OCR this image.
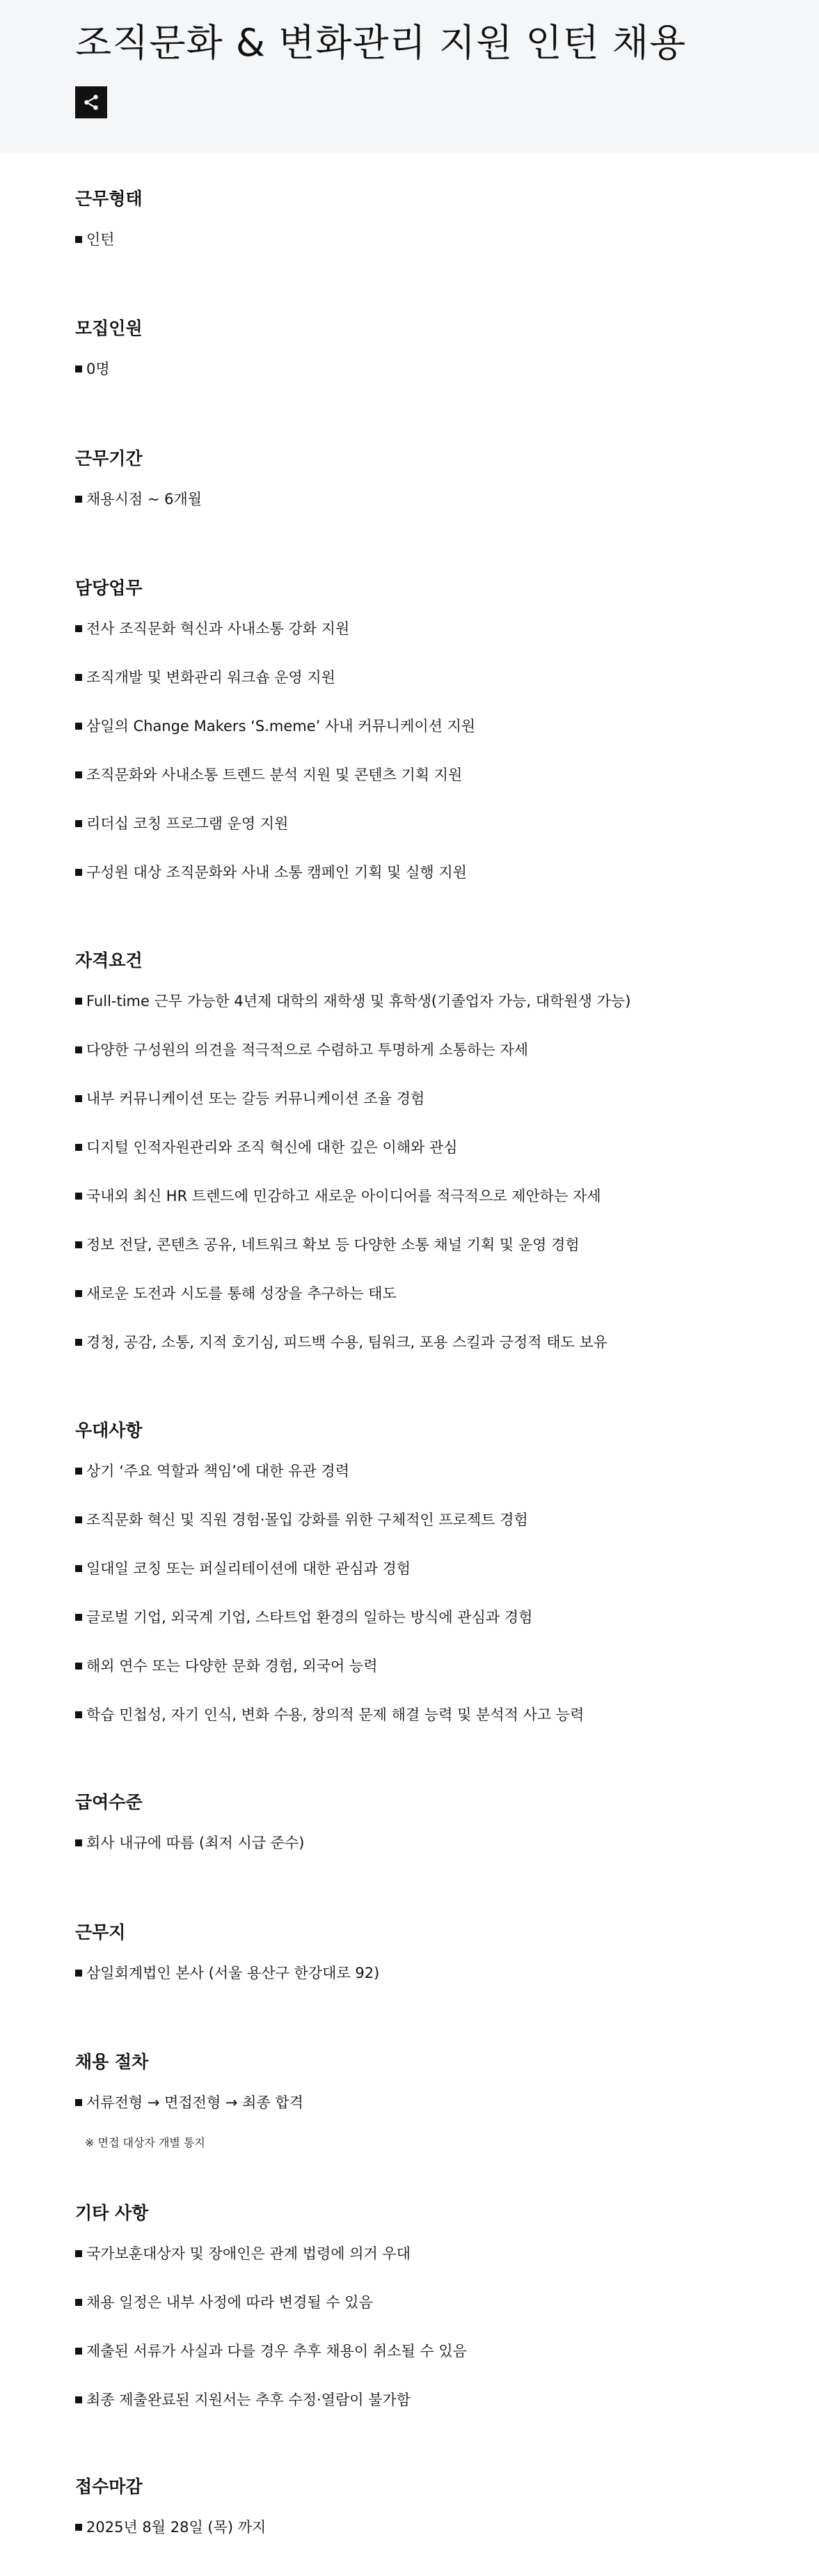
조직문화 & 변화관리 지원 인턴 채용
근무형태
인턴
모집인원
0명
근무기간
채용시점 ~ 6개월
담당업무
전사 조직문화 혁신과 사내소통 강화 지원
조직개발 및 변화관리 워크숍 운영 지원
삼일의 Change Makers ‘S.meme’ 사내 커뮤니케이션 지원
조직문화와 사내소통 트렌드 분석 지원 및 콘텐츠 기획 지원
리더십 코칭 프로그램 운영 지원
구성원 대상 조직문화와 사내 소통 캠페인 기획 및 실행 지원
자격요건
Full-time 근무 가능한 4년제 대학의 재학생 및 휴학생(기졸업자 가능, 대학원생 가능)
다양한 구성원의 의견을 적극적으로 수렴하고 투명하게 소통하는 자세
내부 커뮤니케이션 또는 갈등 커뮤니케이션 조율 경험
디지털 인적자원관리와 조직 혁신에 대한 깊은 이해와 관심
국내외 최신 HR 트렌드에 민감하고 새로운 아이디어를 적극적으로 제안하는 자세
정보 전달, 콘텐츠 공유, 네트워크 확보 등 다양한 소통 채널 기획 및 운영 경험
새로운 도전과 시도를 통해 성장을 추구하는 태도
경청, 공감, 소통, 지적 호기심, 피드백 수용, 팀워크, 포용 스킬과 긍정적 태도 보유
우대사항
상기 ‘주요 역할과 책임’에 대한 유관 경력
조직문화 혁신 및 직원 경험·몰입 강화를 위한 구체적인 프로젝트 경험
일대일 코칭 또는 퍼실리테이션에 대한 관심과 경험
글로벌 기업, 외국계 기업, 스타트업 환경의 일하는 방식에 관심과 경험
해외 연수 또는 다양한 문화 경험, 외국어 능력
학습 민첩성, 자기 인식, 변화 수용, 창의적 문제 해결 능력 및 분석적 사고 능력
급여수준
회사 내규에 따름 (최저 시급 준수)
근무지
삼일회계법인 본사 (서울 용산구 한강대로 92)
채용 절차
서류전형 → 면접전형 → 최종 합격
※ 면접 대상자 개별 통지
기타 사항
국가보훈대상자 및 장애인은 관계 법령에 의거 우대
채용 일정은 내부 사정에 따라 변경될 수 있음
제출된 서류가 사실과 다를 경우 추후 채용이 취소될 수 있음
최종 제출완료된 지원서는 추후 수정·열람이 불가함
접수마감
2025년 8월 28일 (목) 까지
